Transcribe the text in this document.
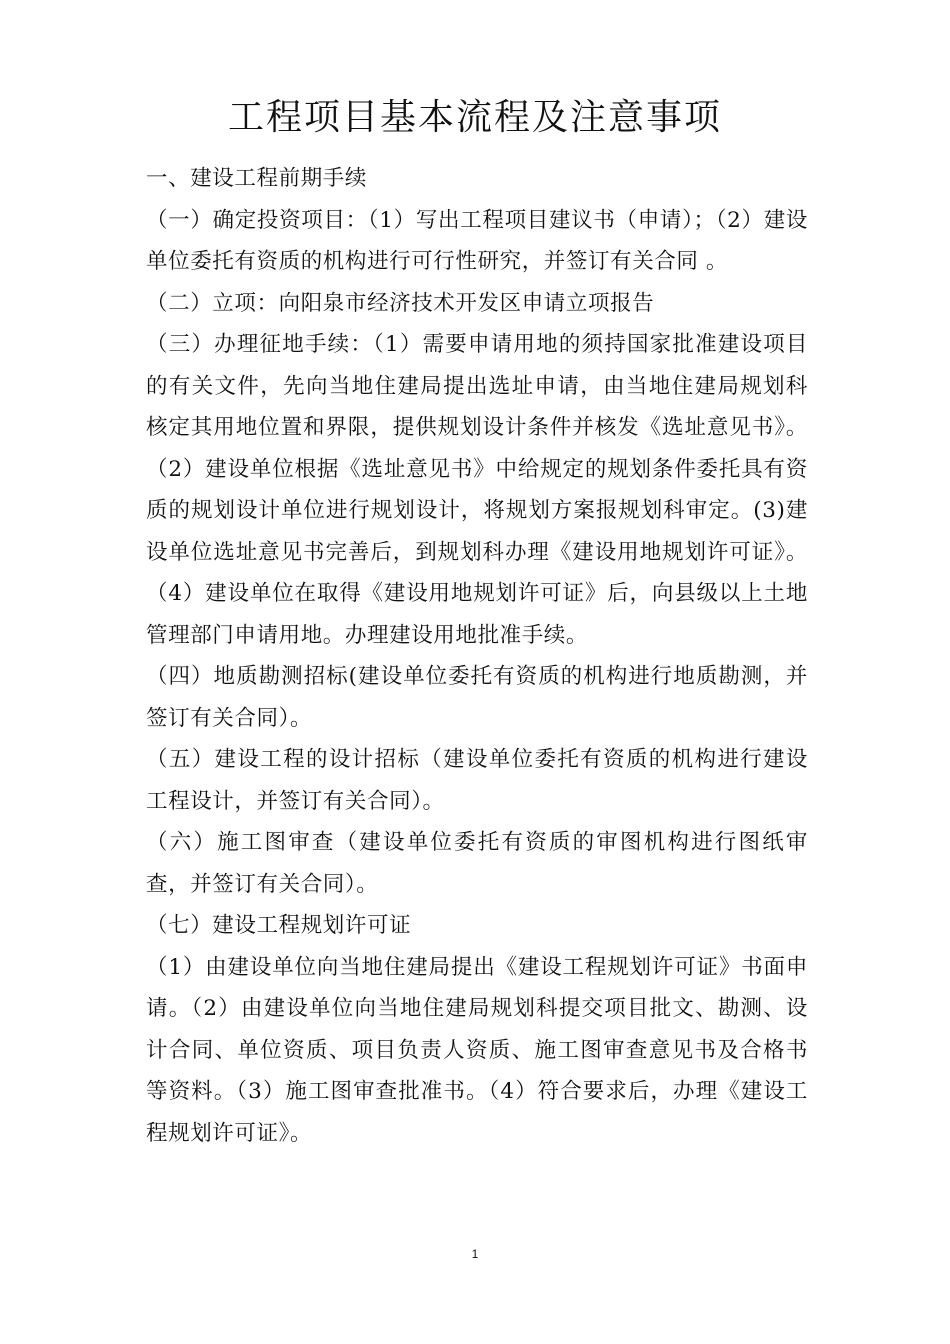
工程项目基本流程及注意事项

一、建设工程前期手续

（一）确定投资项目：（1）写出工程项目建议书（申请）；（2）建设单位委托有资质的机构进行可行性研究，并签订有关合同 。

（二）立项：向阳泉市经济技术开发区申请立项报告

（三）办理征地手续：（1）需要申请用地的须持国家批准建设项目的有关文件，先向当地住建局提出选址申请，由当地住建局规划科核定其用地位置和界限，提供规划设计条件并核发《选址意见书》。（2）建设单位根据《选址意见书》中给规定的规划条件委托具有资质的规划设计单位进行规划设计，将规划方案报规划科审定。(3)建设单位选址意见书完善后，到规划科办理《建设用地规划许可证》。（4）建设单位在取得《建设用地规划许可证》后，向县级以上土地管理部门申请用地。办理建设用地批准手续。

（四）地质勘测招标(建设单位委托有资质的机构进行地质勘测，并签订有关合同）。

（五）建设工程的设计招标（建设单位委托有资质的机构进行建设工程设计，并签订有关合同）。

（六）施工图审查（建设单位委托有资质的审图机构进行图纸审查，并签订有关合同）。

（七）建设工程规划许可证

（1）由建设单位向当地住建局提出《建设工程规划许可证》书面申请。（2）由建设单位向当地住建局规划科提交项目批文、勘测、设计合同、单位资质、项目负责人资质、施工图审查意见书及合格书等资料。（3）施工图审查批准书。（4）符合要求后，办理《建设工程规划许可证》。

1
